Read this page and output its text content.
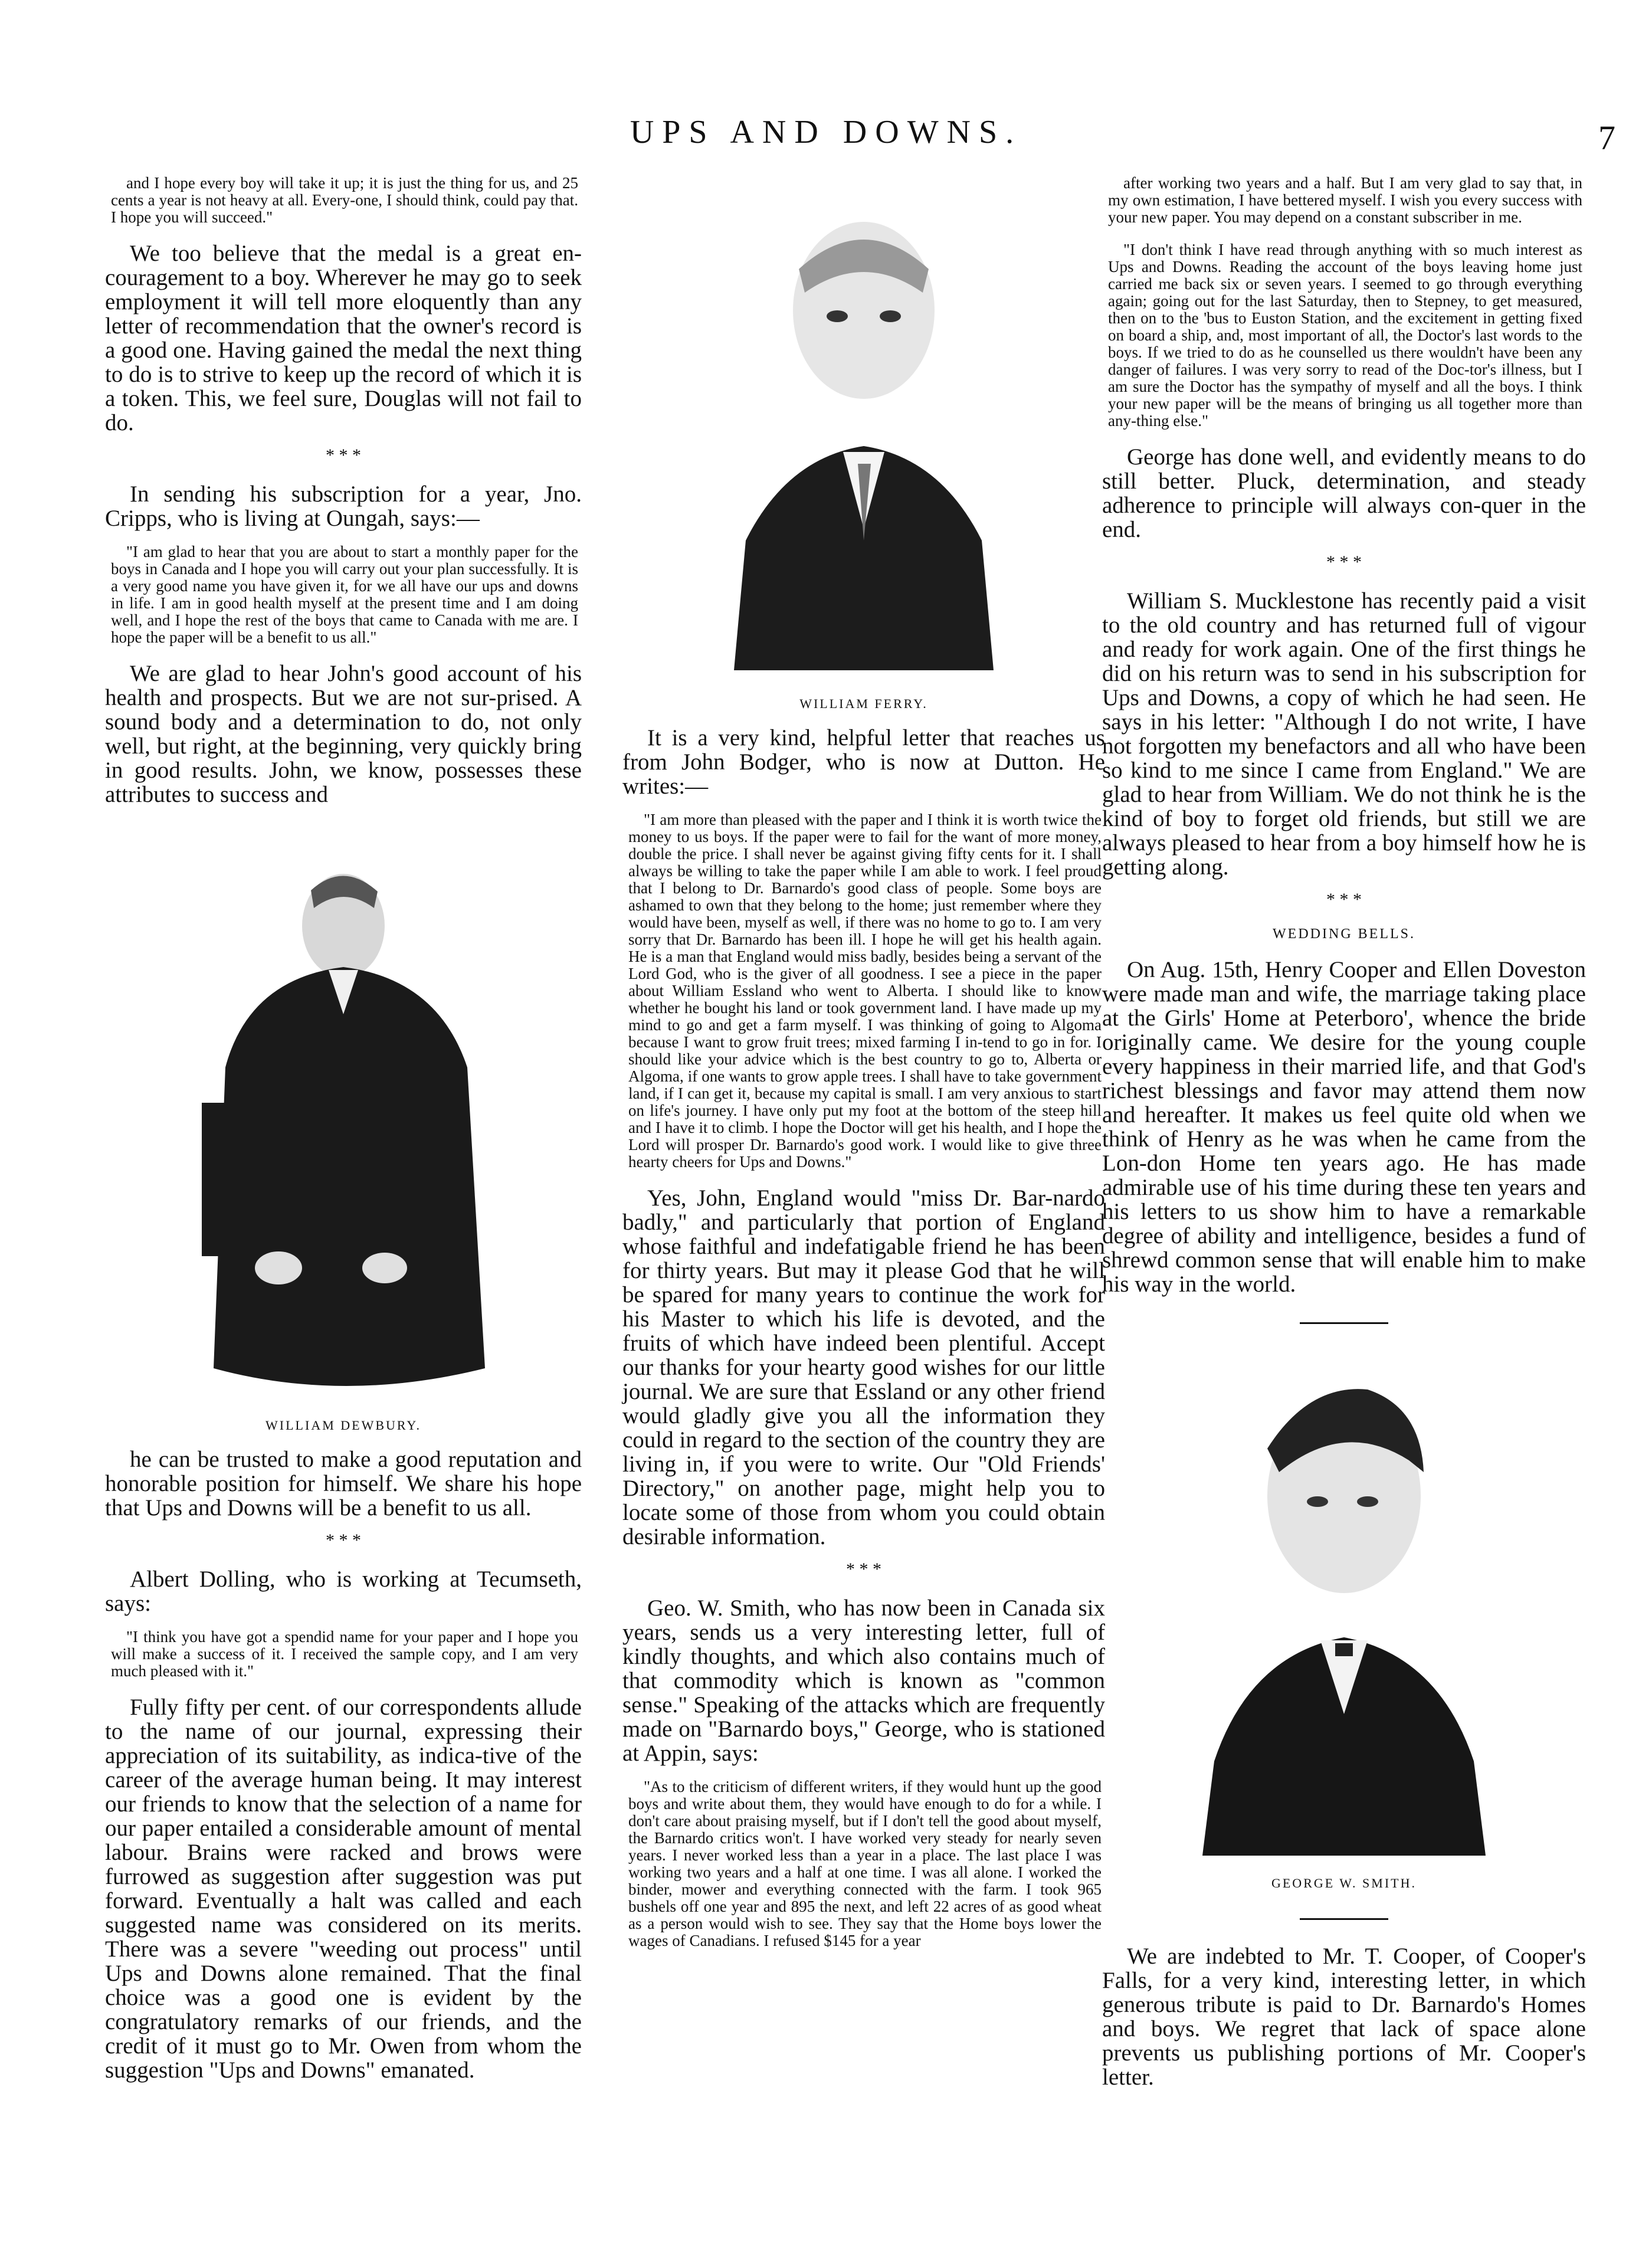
UPS AND DOWNS.	7

and I hope every boy will take it up; it is just the thing for us, and 25 cents a year is not heavy at all. Every-one, I should think, could pay that. I hope you will succeed."

We too believe that the medal is a great en-couragement to a boy. Wherever he may go to seek employment it will tell more eloquently than any letter of recommendation that the owner's record is a good one. Having gained the medal the next thing to do is to strive to keep up the record of which it is a token. This, we feel sure, Douglas will not fail to do.

* * *

In sending his subscription for a year, Jno. Cripps, who is living at Oungah, says:—

"I am glad to hear that you are about to start a monthly paper for the boys in Canada and I hope you will carry out your plan successfully. It is a very good name you have given it, for we all have our ups and downs in life. I am in good health myself at the present time and I am doing well, and I hope the rest of the boys that came to Canada with me are. I hope the paper will be a benefit to us all."

We are glad to hear John's good account of his health and prospects. But we are not sur-prised. A sound body and a determination to do, not only well, but right, at the beginning, very quickly bring in good results. John, we know, possesses these attributes to success and

WILLIAM DEWBURY.

he can be trusted to make a good reputation and honorable position for himself. We share his hope that Ups and Downs will be a benefit to us all.

* * *

Albert Dolling, who is working at Tecumseth, says:

"I think you have got a spendid name for your paper and I hope you will make a success of it. I received the sample copy, and I am very much pleased with it."

Fully fifty per cent. of our correspondents allude to the name of our journal, expressing their appreciation of its suitability, as indica-tive of the career of the average human being. It may interest our friends to know that the selection of a name for our paper entailed a considerable amount of mental labour. Brains were racked and brows were furrowed as suggestion after suggestion was put forward. Eventually a halt was called and each suggested name was considered on its merits. There was a severe "weeding out process" until Ups and Downs alone remained. That the final choice was a good one is evident by the congratulatory remarks of our friends, and the credit of it must go to Mr. Owen from whom the suggestion "Ups and Downs" emanated.

WILLIAM FERRY.

It is a very kind, helpful letter that reaches us from John Bodger, who is now at Dutton. He writes:—

"I am more than pleased with the paper and I think it is worth twice the money to us boys. If the paper were to fail for the want of more money, double the price. I shall never be against giving fifty cents for it. I shall always be willing to take the paper while I am able to work. I feel proud that I belong to Dr. Barnardo's good class of people. Some boys are ashamed to own that they belong to the home; just remember where they would have been, myself as well, if there was no home to go to. I am very sorry that Dr. Barnardo has been ill. I hope he will get his health again. He is a man that England would miss badly, besides being a servant of the Lord God, who is the giver of all goodness. I see a piece in the paper about William Essland who went to Alberta. I should like to know whether he bought his land or took government land. I have made up my mind to go and get a farm myself. I was thinking of going to Algoma because I want to grow fruit trees; mixed farming I in-tend to go in for. I should like your advice which is the best country to go to, Alberta or Algoma, if one wants to grow apple trees. I shall have to take government land, if I can get it, because my capital is small. I am very anxious to start on life's journey. I have only put my foot at the bottom of the steep hill and I have it to climb. I hope the Doctor will get his health, and I hope the Lord will prosper Dr. Barnardo's good work. I would like to give three hearty cheers for Ups and Downs."

Yes, John, England would "miss Dr. Bar-nardo badly," and particularly that portion of England whose faithful and indefatigable friend he has been for thirty years. But may it please God that he will be spared for many years to continue the work for his Master to which his life is devoted, and the fruits of which have indeed been plentiful. Accept our thanks for your hearty good wishes for our little journal. We are sure that Essland or any other friend would gladly give you all the information they could in regard to the section of the country they are living in, if you were to write. Our "Old Friends' Directory," on another page, might help you to locate some of those from whom you could obtain desirable information.

* * *

Geo. W. Smith, who has now been in Canada six years, sends us a very interesting letter, full of kindly thoughts, and which also contains much of that commodity which is known as "common sense." Speaking of the attacks which are frequently made on "Barnardo boys," George, who is stationed at Appin, says:

"As to the criticism of different writers, if they would hunt up the good boys and write about them, they would have enough to do for a while. I don't care about praising myself, but if I don't tell the good about myself, the Barnardo critics won't. I have worked very steady for nearly seven years. I never worked less than a year in a place. The last place I was working two years and a half at one time. I was all alone. I worked the binder, mower and everything connected with the farm. I took 965 bushels off one year and 895 the next, and left 22 acres of as good wheat as a person would wish to see. They say that the Home boys lower the wages of Canadians. I refused $145 for a year

after working two years and a half. But I am very glad to say that, in my own estimation, I have bettered myself. I wish you every success with your new paper. You may depend on a constant subscriber in me.

"I don't think I have read through anything with so much interest as Ups and Downs. Reading the account of the boys leaving home just carried me back six or seven years. I seemed to go through everything again; going out for the last Saturday, then to Stepney, to get measured, then on to the 'bus to Euston Station, and the excitement in getting fixed on board a ship, and, most important of all, the Doctor's last words to the boys. If we tried to do as he counselled us there wouldn't have been any danger of failures. I was very sorry to read of the Doc-tor's illness, but I am sure the Doctor has the sympathy of myself and all the boys. I think your new paper will be the means of bringing us all together more than any-thing else."

George has done well, and evidently means to do still better. Pluck, determination, and steady adherence to principle will always con-quer in the end.

* * *

William S. Mucklestone has recently paid a visit to the old country and has returned full of vigour and ready for work again. One of the first things he did on his return was to send in his subscription for Ups and Downs, a copy of which he had seen. He says in his letter: "Although I do not write, I have not forgotten my benefactors and all who have been so kind to me since I came from England." We are glad to hear from William. We do not think he is the kind of boy to forget old friends, but still we are always pleased to hear from a boy himself how he is getting along.

* * *
WEDDING BELLS.

On Aug. 15th, Henry Cooper and Ellen Doveston were made man and wife, the marriage taking place at the Girls' Home at Peterboro', whence the bride originally came. We desire for the young couple every happiness in their married life, and that God's richest blessings and favor may attend them now and hereafter. It makes us feel quite old when we think of Henry as he was when he came from the Lon-don Home ten years ago. He has made admirable use of his time during these ten years and his letters to us show him to have a remarkable degree of ability and intelligence, besides a fund of shrewd common sense that will enable him to make his way in the world.

GEORGE W. SMITH.

We are indebted to Mr. T. Cooper, of Cooper's Falls, for a very kind, interesting letter, in which generous tribute is paid to Dr. Barnardo's Homes and boys. We regret that lack of space alone prevents us publishing portions of Mr. Cooper's letter.
